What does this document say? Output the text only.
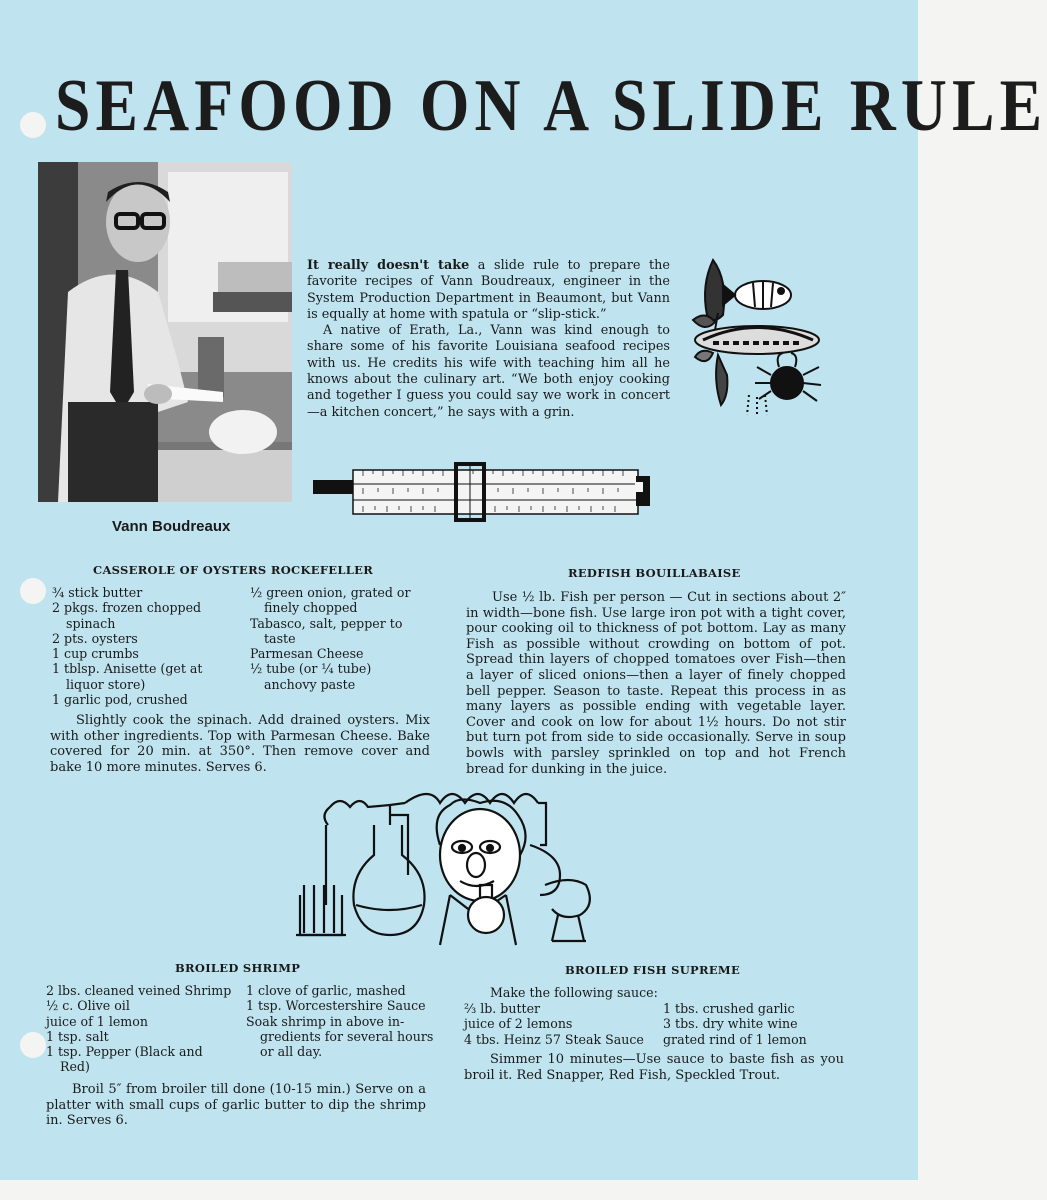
SEAFOOD ON A SLIDE RULE
Vann Boudreaux

It really doesn't take a slide rule to prepare the favorite recipes of Vann Boudreaux, engineer in the System Production Department in Beaumont, but Vann is equally at home with spatula or “slip-stick.”

A native of Erath, La., Vann was kind enough to share some of his favorite Louisiana seafood recipes with us. He credits his wife with teaching him all he knows about the culinary art. “We both enjoy cooking and together I guess you could say we work in concert—a kitchen concert,” he says with a grin.

CASSEROLE OF OYSTERS ROCKEFELLER
¾ stick butter
2 pkgs. frozen chopped
spinach
2 pts. oysters
1 cup crumbs
1 tblsp. Anisette (get at
liquor store)
1 garlic pod, crushed
½ green onion, grated or
finely chopped
Tabasco, salt, pepper to
taste
Parmesan Cheese
½ tube (or ¼ tube)
anchovy paste
Slightly cook the spinach. Add drained oysters. Mix with other ingredients. Top with Parmesan Cheese. Bake covered for 20 min. at 350°. Then remove cover and bake 10 more minutes. Serves 6.
REDFISH BOUILLABAISE
Use ½ lb. Fish per person — Cut in sections about 2″ in width—bone fish. Use large iron pot with a tight cover, pour cooking oil to thickness of pot bottom. Lay as many Fish as possible without crowding on bottom of pot. Spread thin layers of chopped tomatoes over Fish—then a layer of sliced onions—then a layer of finely chopped bell pepper. Season to taste. Repeat this process in as many layers as possible ending with vegetable layer. Cover and cook on low for about 1½ hours. Do not stir but turn pot from side to side occasionally. Serve in soup bowls with parsley sprinkled on top and hot French bread for dunking in the juice.
BROILED SHRIMP
2 lbs. cleaned veined Shrimp
½ c. Olive oil
juice of 1 lemon
1 tsp. salt
1 tsp. Pepper (Black and
Red)
1 clove of garlic, mashed
1 tsp. Worcestershire Sauce
Soak shrimp in above in-
gredients for several hours
or all day.
Broil 5″ from broiler till done (10-15 min.) Serve on a platter with small cups of garlic butter to dip the shrimp in. Serves 6.
BROILED FISH SUPREME
Make the following sauce:
⅔ lb. butter
juice of 2 lemons
4 tbs. Heinz 57 Steak Sauce
1 tbs. crushed garlic
3 tbs. dry white wine
grated rind of 1 lemon
Simmer 10 minutes—Use sauce to baste fish as you broil it. Red Snapper, Red Fish, Speckled Trout.
